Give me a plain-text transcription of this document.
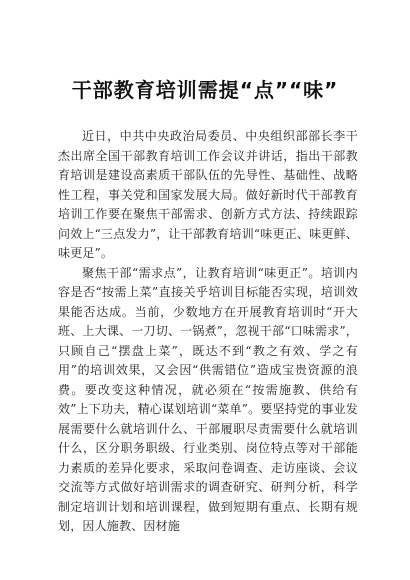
干部教育培训需提“点”“味”

近日，中共中央政治局委员、中央组织部部长李干杰出席全国干部教育培训工作会议并讲话，指出干部教育培训是建设高素质干部队伍的先导性、基础性、战略性工程，事关党和国家发展大局。做好新时代干部教育培训工作要在聚焦干部需求、创新方式方法、持续跟踪问效上“三点发力”，让干部教育培训“味更正、味更鲜、味更足”。

聚焦干部“需求点”，让教育培训“味更正”。培训内容是否“按需上菜”直接关乎培训目标能否实现，培训效果能否达成。当前，少数地方在开展教育培训时“开大班、上大课、一刀切、一锅煮”，忽视干部“口味需求”，只顾自己“摆盘上菜”，既达不到“教之有效、学之有用”的培训效果，又会因“供需错位”造成宝贵资源的浪费。要改变这种情况，就必须在“按需施教、供给有效”上下功夫，精心谋划培训“菜单”。要坚持党的事业发展需要什么就培训什么、干部履职尽责需要什么就培训什么，区分职务职级、行业类别、岗位特点等对干部能力素质的差异化要求，采取问卷调查、走访座谈、会议交流等方式做好培训需求的调查研究、研判分析，科学制定培训计划和培训课程，做到短期有重点、长期有规划，因人施教、因材施
